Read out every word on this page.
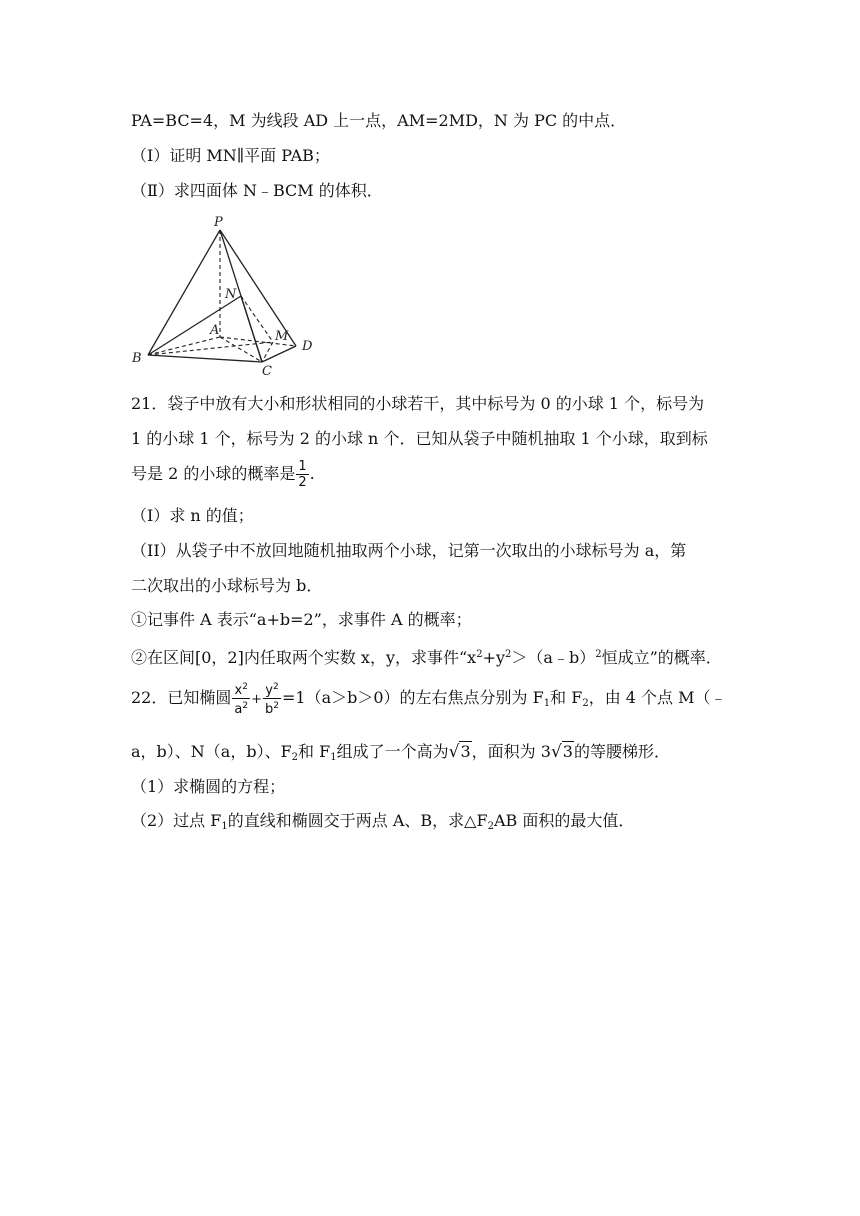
PA=BC=4，M 为线段 AD 上一点，AM=2MD，N 为 PC 的中点．
（Ⅰ）证明 MN∥平面 PAB；
（Ⅱ）求四面体 N﹣BCM 的体积．
P
N
A	M
D
B
C
21．袋子中放有大小和形状相同的小球若干，其中标号为 0 的小球 1 个，标号为
1 的小球 1 个，标号为 2 的小球 n 个．已知从袋子中随机抽取 1 个小球，取到标
号是 2 的小球的概率是 $\frac{1}{2}$ .
（I）求 n 的值；
（II）从袋子中不放回地随机抽取两个小球，记第一次取出的小球标号为 a，第
二次取出的小球标号为 b．
①记事件 A 表示“a+b=2”，求事件 A 的概率；
②在区间[0，2]内任取两个实数 x，y，求事件“$x^2+y^2>(a﹣b)^2$恒成立”的概率．
22．已知椭圆 $\frac{x^2}{a^2} + \frac{y^2}{b^2} =1(a>b>0)$的左右焦点分别为 $F_1$和 $F_2$，由 4 个点 M（﹣
a，b）、N（a，b）、$F_2$和 $F_1$组成了一个高为√3，面积为 3√3的等腰梯形．
（1）求椭圆的方程；
（2）过点 $F_1$的直线和椭圆交于两点 A、B，求$\triangle F_2AB$ 面积的最大值．
